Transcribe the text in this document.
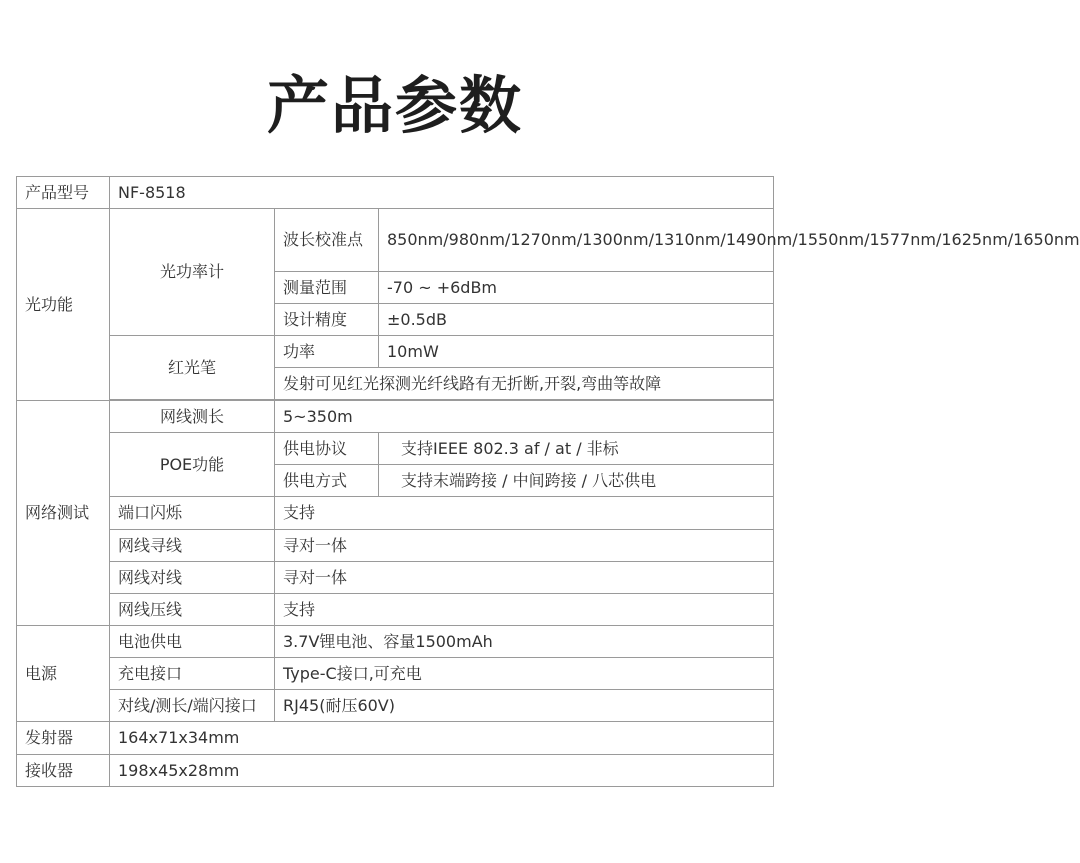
产品参数
产品型号	NF-8518		
光功能	光功率计	波长校准点	850nm/980nm/1270nm/1300nm/1310nm/1490nm/1550nm/1577nm/1625nm/1650nm
		测量范围	-70 ~ +6dBm
		设计精度	±0.5dB
	红光笔	功率	10mW
		发射可见红光探测光纤线路有无折断,开裂,弯曲等故障	

网络测试	网线测长	5~350m	
	POE功能	供电协议	支持IEEE 802.3 af / at / 非标
		供电方式	支持末端跨接 / 中间跨接 / 八芯供电
	端口闪烁	支持	
	网线寻线	寻对一体	
	网线对线	寻对一体	
	网线压线	支持	
电源	电池供电	3.7V锂电池、容量1500mAh	
	充电接口	Type-C接口,可充电	
	对线/测长/端闪接口	RJ45(耐压60V)	
发射器	164x71x34mm		
接收器	198x45x28mm		
